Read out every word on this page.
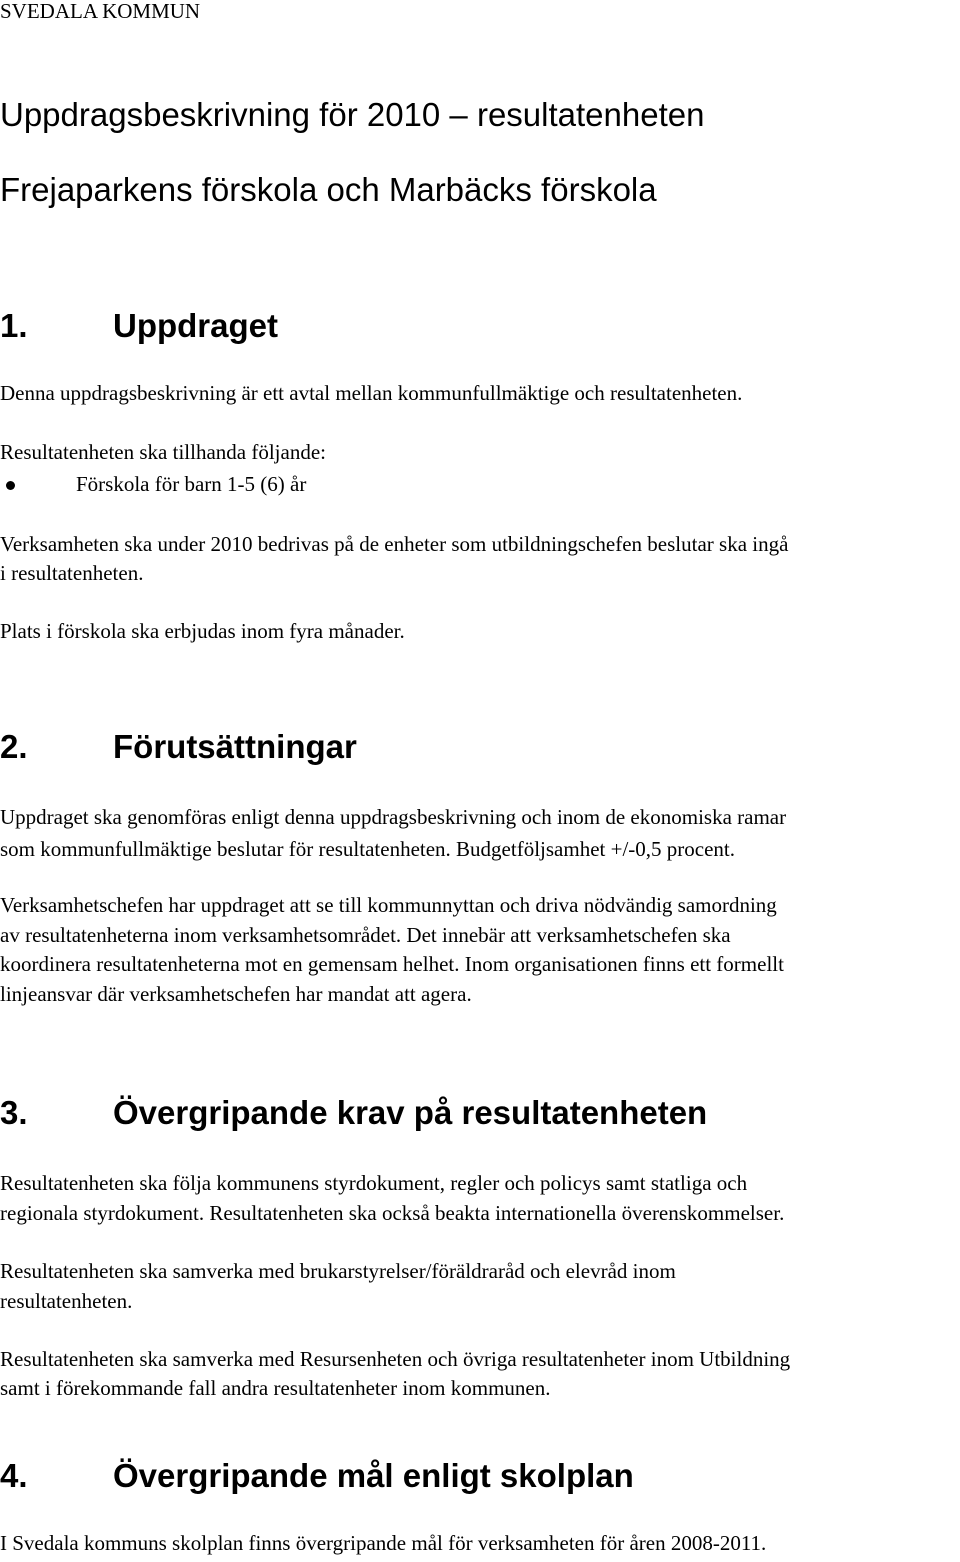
SVEDALA KOMMUN
Uppdragsbeskrivning för 2010 – resultatenheten
Frejaparkens förskola och Marbäcks förskola
1.	Uppdraget
Denna uppdragsbeskrivning är ett avtal mellan kommunfullmäktige och resultatenheten.
Resultatenheten ska tillhanda följande:
Förskola för barn 1-5 (6) år
Verksamheten ska under 2010 bedrivas på de enheter som utbildningschefen beslutar ska ingå
i resultatenheten.
Plats i förskola ska erbjudas inom fyra månader.
2.	Förutsättningar
Uppdraget ska genomföras enligt denna uppdragsbeskrivning och inom de ekonomiska ramar
som kommunfullmäktige beslutar för resultatenheten. Budgetföljsamhet +/-0,5 procent.
Verksamhetschefen har uppdraget att se till kommunnyttan och driva nödvändig samordning
av resultatenheterna inom verksamhetsområdet. Det innebär att verksamhetschefen ska
koordinera resultatenheterna mot en gemensam helhet. Inom organisationen finns ett formellt
linjeansvar där verksamhetschefen har mandat att agera.
3.	Övergripande krav på resultatenheten
Resultatenheten ska följa kommunens styrdokument, regler och policys samt statliga och
regionala styrdokument. Resultatenheten ska också beakta internationella överenskommelser.
Resultatenheten ska samverka med brukarstyrelser/föräldraråd och elevråd inom
resultatenheten.
Resultatenheten ska samverka med Resursenheten och övriga resultatenheter inom Utbildning
samt i förekommande fall andra resultatenheter inom kommunen.
4.	Övergripande mål enligt skolplan
I Svedala kommuns skolplan finns övergripande mål för verksamheten för åren 2008-2011.
